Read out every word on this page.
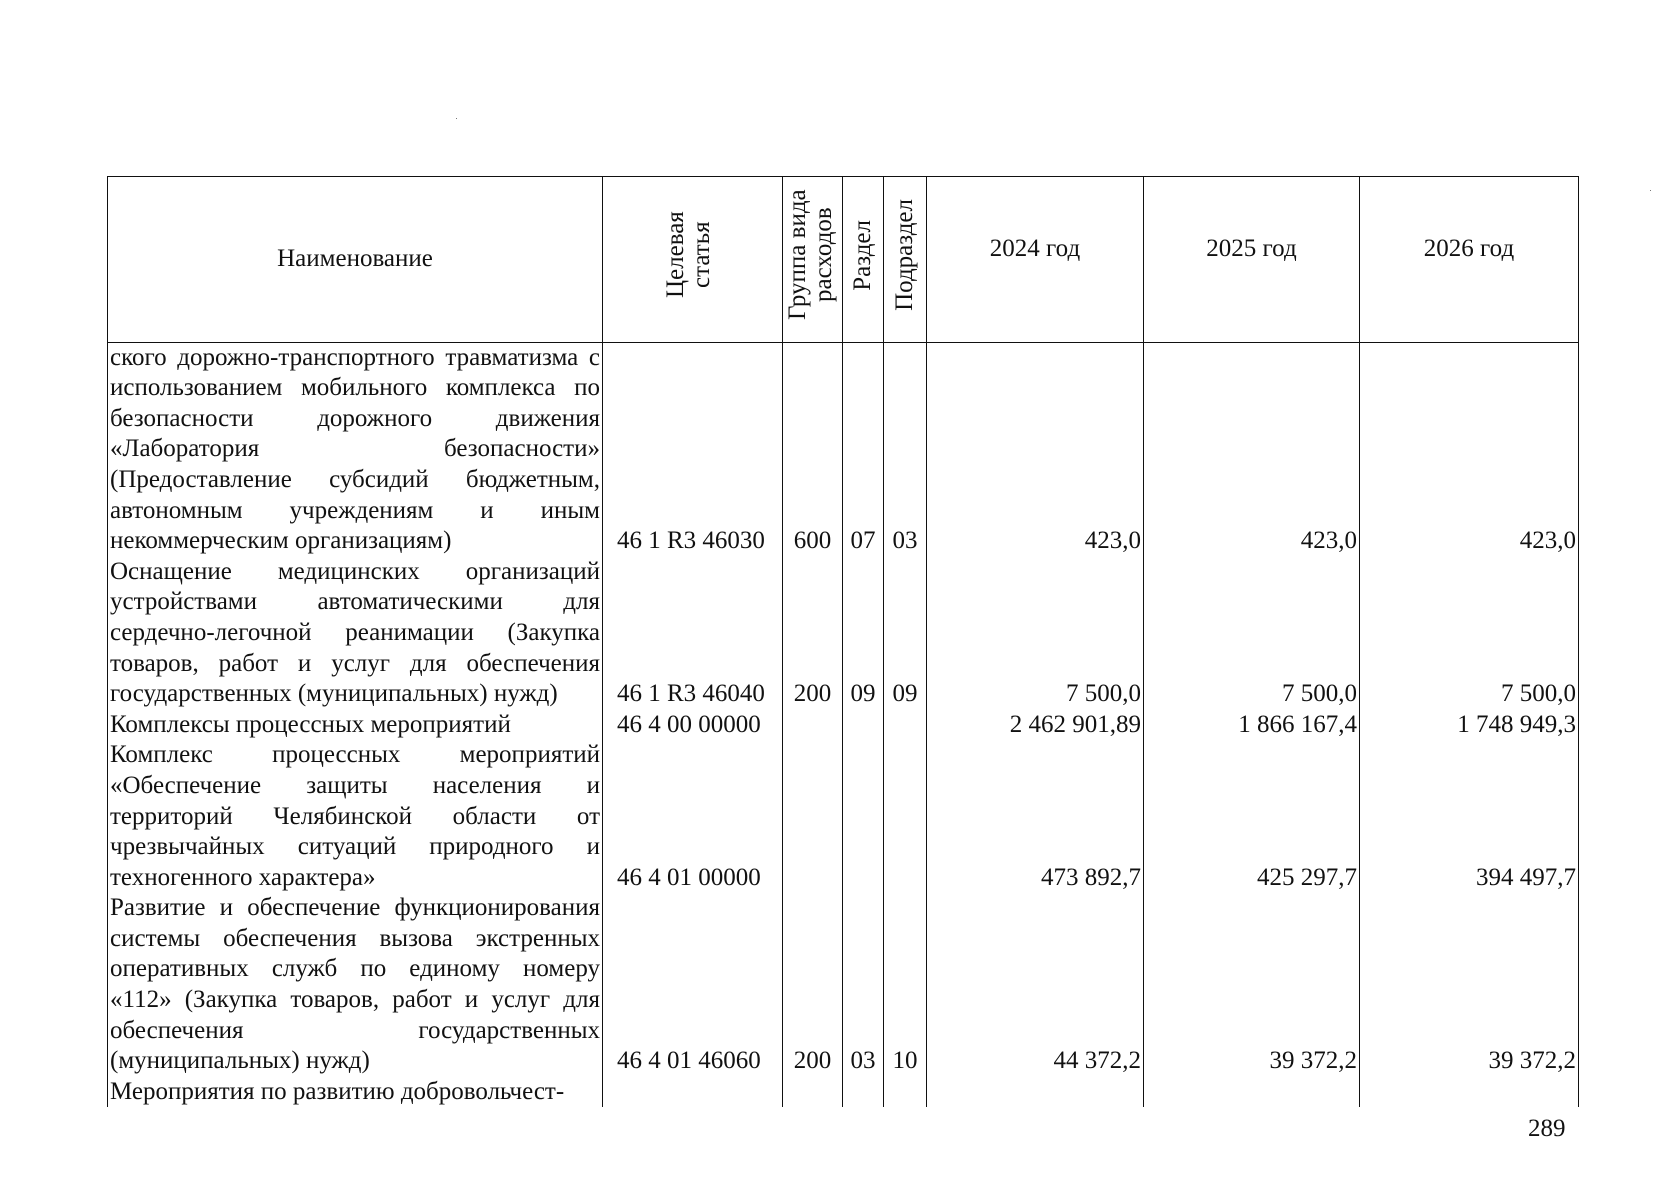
Наименование	Целевая статья	Группа вида расходов	Раздел	Подраздел	2024 год	2025 год	2026 год
ского дорожно-транспортного травматизма с использованием мобильного комплекса по безопасности дорожного движения «Лаборатория безопасности» (Предоставление субсидий бюджетным, автономным учреждениям и иным некоммерческим организациям)	46 1 R3 46030	600	07	03	423,0	423,0	423,0
Оснащение медицинских организаций устройствами автоматическими для сердечно-легочной реанимации (Закупка товаров, работ и услуг для обеспечения государственных (муниципальных) нужд)	46 1 R3 46040	200	09	09	7 500,0	7 500,0	7 500,0
Комплексы процессных мероприятий	46 4 00 00000				2 462 901,89	1 866 167,4	1 748 949,3
Комплекс процессных мероприятий «Обеспечение защиты населения и территорий Челябинской области от чрезвычайных ситуаций природного и техногенного характера»	46 4 01 00000				473 892,7	425 297,7	394 497,7
Развитие и обеспечение функционирования системы обеспечения вызова экстренных оперативных служб по единому номеру «112» (Закупка товаров, работ и услуг для обеспечения государственных (муниципальных) нужд)	46 4 01 46060	200	03	10	44 372,2	39 372,2	39 372,2
Мероприятия по развитию добровольчест-							
289
